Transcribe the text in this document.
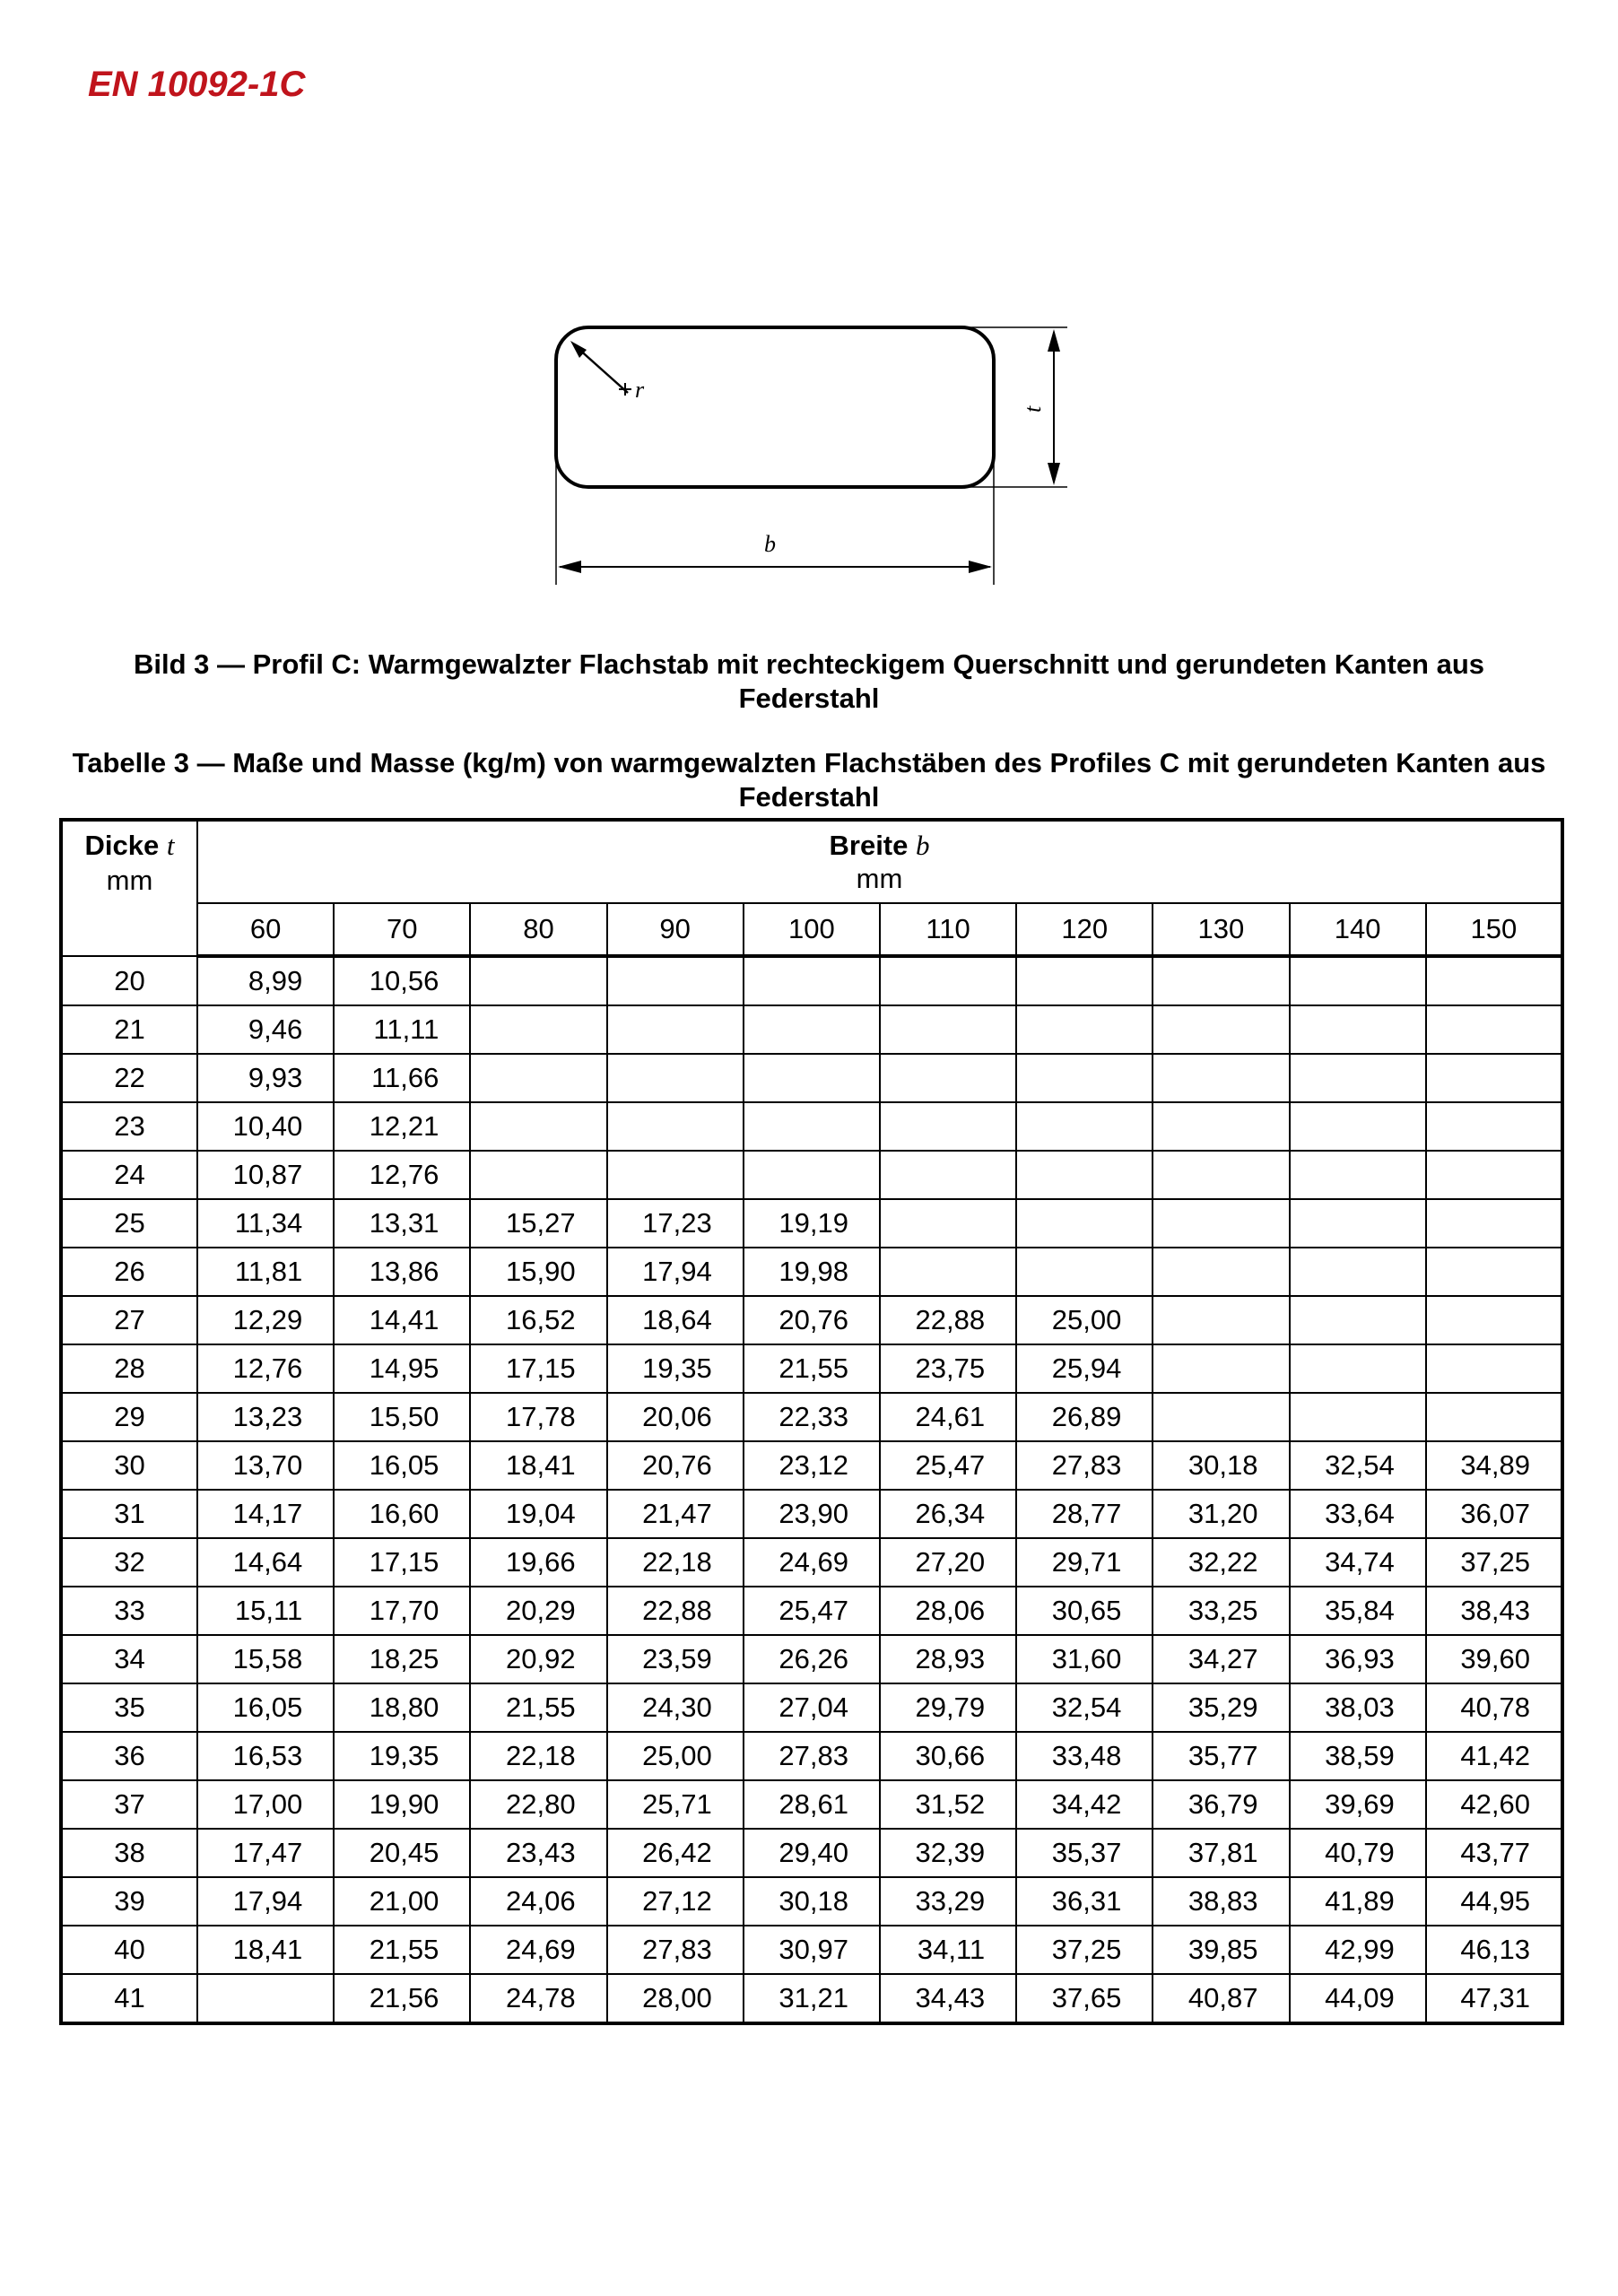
EN 10092-1C
r
t
b

Bild 3 — Profil C: Warmgewalzter Flachstab mit rechteckigem Querschnitt und gerundeten Kanten aus Federstahl

Tabelle 3 — Maße und Masse (kg/m) von warmgewalzten Flachstäben des Profiles C mit gerundeten Kanten aus Federstahl

Dicke t
mm	Breite b
mm									

	60	70	80	90	100	110	120	130	140	150
20	8,99	10,56								
21	9,46	11,11								
22	9,93	11,66								
23	10,40	12,21								
24	10,87	12,76								
25	11,34	13,31	15,27	17,23	19,19					
26	11,81	13,86	15,90	17,94	19,98					
27	12,29	14,41	16,52	18,64	20,76	22,88	25,00			
28	12,76	14,95	17,15	19,35	21,55	23,75	25,94			
29	13,23	15,50	17,78	20,06	22,33	24,61	26,89			
30	13,70	16,05	18,41	20,76	23,12	25,47	27,83	30,18	32,54	34,89
31	14,17	16,60	19,04	21,47	23,90	26,34	28,77	31,20	33,64	36,07
32	14,64	17,15	19,66	22,18	24,69	27,20	29,71	32,22	34,74	37,25
33	15,11	17,70	20,29	22,88	25,47	28,06	30,65	33,25	35,84	38,43
34	15,58	18,25	20,92	23,59	26,26	28,93	31,60	34,27	36,93	39,60
35	16,05	18,80	21,55	24,30	27,04	29,79	32,54	35,29	38,03	40,78
36	16,53	19,35	22,18	25,00	27,83	30,66	33,48	35,77	38,59	41,42
37	17,00	19,90	22,80	25,71	28,61	31,52	34,42	36,79	39,69	42,60
38	17,47	20,45	23,43	26,42	29,40	32,39	35,37	37,81	40,79	43,77
39	17,94	21,00	24,06	27,12	30,18	33,29	36,31	38,83	41,89	44,95
40	18,41	21,55	24,69	27,83	30,97	34,11	37,25	39,85	42,99	46,13
41		21,56	24,78	28,00	31,21	34,43	37,65	40,87	44,09	47,31
